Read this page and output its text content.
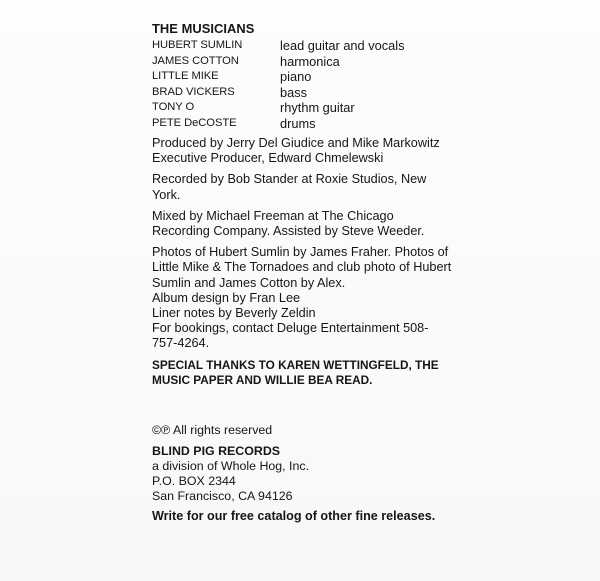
THE MUSICIANS
HUBERT SUMLIN	lead guitar and vocals
JAMES COTTON	harmonica
LITTLE MIKE	piano
BRAD VICKERS	bass
TONY O	rhythm guitar
PETE DeCOSTE	drums
Produced by Jerry Del Giudice and Mike Markowitz
Executive Producer, Edward Chmelewski
Recorded by Bob Stander at Roxie Studios, New York.
Mixed by Michael Freeman at The Chicago Recording Company. Assisted by Steve Weeder.
Photos of Hubert Sumlin by James Fraher. Photos of Little Mike & The Tornadoes and club photo of Hubert Sumlin and James Cotton by Alex.
Album design by Fran Lee
Liner notes by Beverly Zeldin
For bookings, contact Deluge Entertainment 508-757-4264.
SPECIAL THANKS TO KAREN WETTINGFELD, THE MUSIC PAPER AND WILLIE BEA READ.
©℗ All rights reserved
BLIND PIG RECORDS
a division of Whole Hog, Inc.
P.O. BOX 2344
San Francisco, CA 94126
Write for our free catalog of other fine releases.
